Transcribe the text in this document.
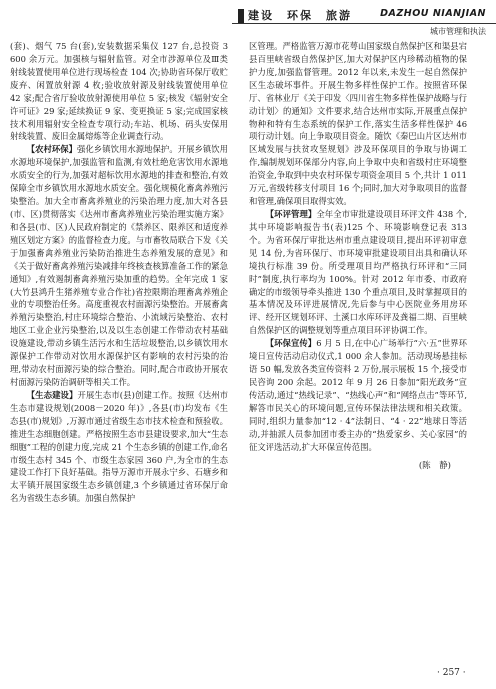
建设　环保　旅游	DAZHOU NIANJIAN
城市管理和执法

(套)、烟气 75 台(套),安装数据采集仪 127 台,总投资 3 600 余万元。加强核与辐射监管。对全市涉源单位及Ⅲ类射线装置使用单位进行现场检查 104 次;协助省环保厅收贮废弃、闲置放射源 4 枚;验收放射源及射线装置使用单位 42 家;配合省厅验收放射源使用单位 5 家;核发《辐射安全许可证》29 家;延续换证 9 家、变更换证 5 家;完成国家核技术利用辐射安全检查专项行动;车站、机场、码头安保用射线装置、废旧金属熔炼等企业调查行动。

【农村环保】强化乡镇饮用水源地保护。开展乡镇饮用水源地环境保护,加强监管和监测,有效杜绝危害饮用水源地水质安全的行为,加强对超标饮用水源地的排查和整治,有效保障全市乡镇饮用水源地水质安全。强化规模化畜禽养殖污染整治。加大全市畜禽养殖业的污染治理力度,加大对各县(市、区)贯彻落实《达州市畜禽养殖业污染治理实施方案》和各县(市、区)人民政府制定的《禁养区、限养区和适度养殖区划定方案》的监督检查力度。与市畜牧局联合下发《关于加强畜禽养殖业污染防治推进生态养殖发展的意见》和《关于做好畜禽养殖污染减排年终核查核算准备工作的紧急通知》,有效遏制畜禽养殖污染加重的趋势。全年完成 1 家(大竹县鸿升生猪养殖专业合作社)省控限期治理畜禽养殖企业的专项整治任务。高度重视农村面源污染整治。开展畜禽养殖污染整治,村庄环境综合整治、小流域污染整治、农村地区工业企业污染整治,以及以生态创建工作带动农村基础设施建设,带动乡镇生活污水和生活垃圾整治,以乡镇饮用水源保护工作带动对饮用水源保护区有影响的农村污染的治理,带动农村面源污染的综合整治。同时,配合市政协开展农村面源污染防治调研等相关工作。

【生态建设】开展生态市(县)创建工作。按照《达州市生态市建设规划(2008－2020 年)》,各县(市)均发布《生态县(市)规划》,万源市通过省级生态市技术检查和预验收。推进生态细胞创建。严格按照生态市县建设要求,加大“生态细胞”工程的创建力度,完成 21 个生态乡镇的创建工作,命名市级生态村 345 个、市级生态家园 360 户,为全市的生态建设工作打下良好基础。指导万源市开展永宁乡、石塘乡和太平镇开展国家级生态乡镇创建,3 个乡镇通过省环保厅命名为省级生态乡镇。加强自然保护

区管理。严格监管万源市花萼山国家级自然保护区和渠县宕县百里峡省级自然保护区,加大对保护区内珍稀动植物的保护力度,加强监督管理。2012 年以来,未发生一起自然保护区生态破坏事件。开展生物多样性保护工作。按照省环保厅、省林业厅《关于印发〈四川省生物多样性保护战略与行动计划〉的通知》文件要求,结合达州市实际,开展重点保护物种和特有生态系统的保护工作,落实生活多样性保护 46 项行动计划。向上争取项目资金。随饮《秦巴山片区达州市区域发展与扶贫攻坚规划》涉及环保项目的争取与协调工作,编制规划环保部分内容,向上争取中央和省级村庄环境整治资金,争取到中央农村环保专项资金项目 5 个,共计 1 011 万元,省级转移支付项目 16 个;同时,加大对争取项目的监督和管理,确保项目取得实效。

【环评管理】全年全市审批建设项目环评文件 438 个,其中环境影响报告书(表)125 个、环境影响登记表 313 个。为省环保厅审批达州市重点建设项目,提出环评初审意见 14 份,为省环保厅、市环境审批建设项目出具和确认环境执行标准 39 份。所受理项目均严格执行环评和“三同时”制度,执行率均为 100%。针对 2012 年市委、市政府确定的市级领导牵头推进 130 个重点项目,及时掌握项目的基本情况及环评进展情况,先后参与中心医院业务用房环评、经开区规划环评、土溪口水库环评及龚福二期、百里峡自然保护区的调整规划等重点项目环评协调工作。

【环保宣传】6 月 5 日,在中心广场举行“六·五”世界环境日宣传活动启动仪式,1 000 余人参加。活动现场悬挂标语 50 幅,发放各类宣传资料 2 万份,展示展板 15 个,接受市民咨询 200 余起。2012 年 9 月 26 日参加“阳光政务”宣传活动,通过“热线记录”、“热线心声”和“网络点击”等环节,解答市民关心的环境问题,宣传环保法律法规和相关政策。同时,组织力量参加“12 · 4”法制日、“4 · 22”地球日等活动,并抽派人员参加团市委主办的“热爱家乡、关心家园”的征文评选活动,扩大环保宣传范围。

(陈　静)
· 257 ·
